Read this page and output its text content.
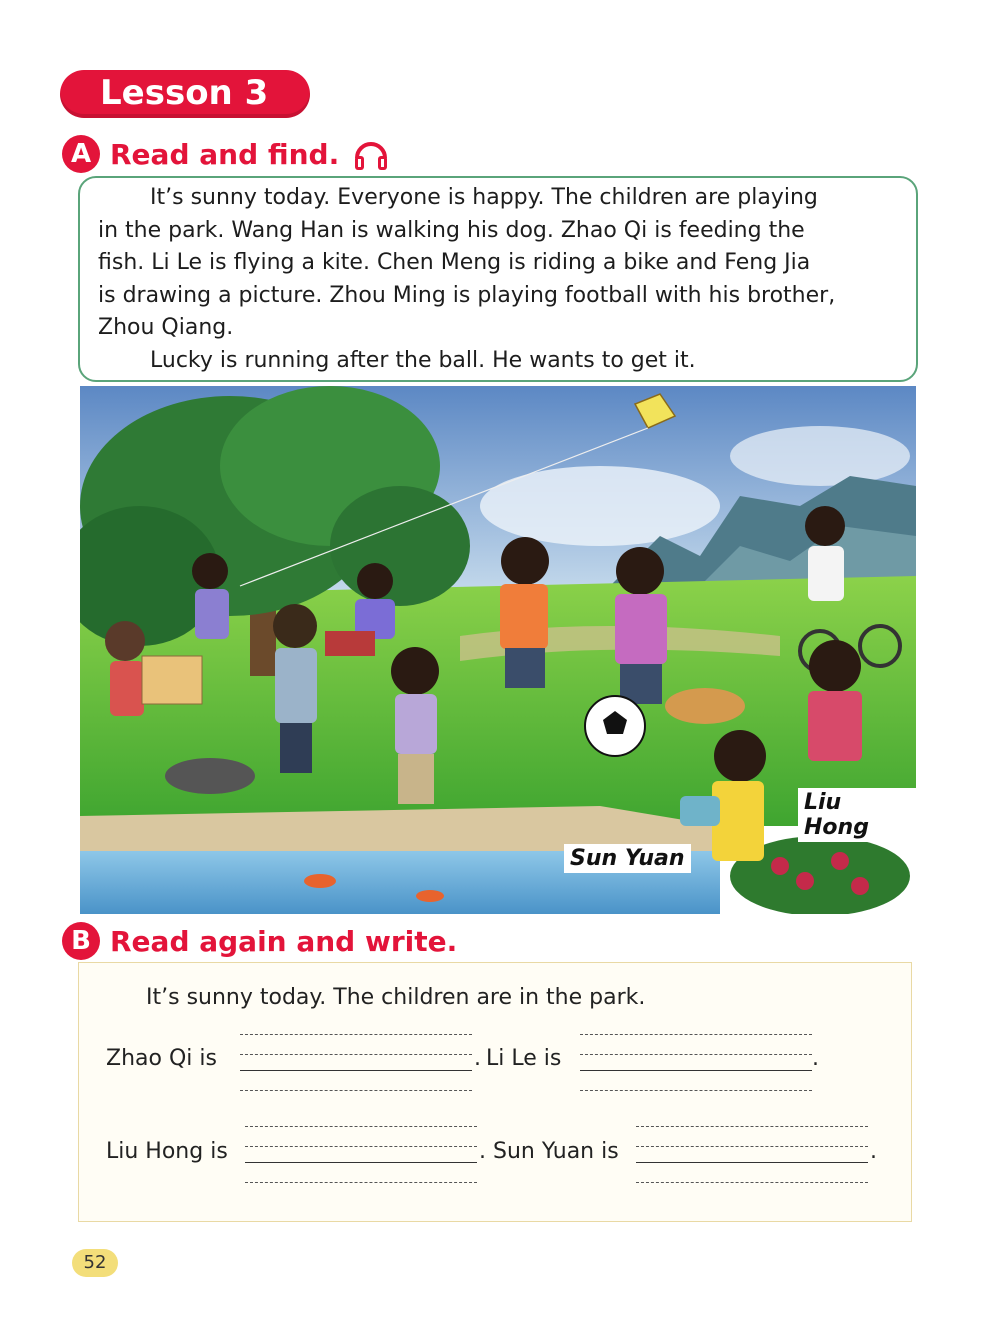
Lesson 3
A Read and find.

It’s sunny today. Everyone is happy. The children are playing

in the park. Wang Han is walking his dog. Zhao Qi is feeding the

fish. Li Le is flying a kite. Chen Meng is riding a bike and Feng Jia

is drawing a picture. Zhou Ming is playing football with his brother,

Zhou Qiang.

Lucky is running after the ball. He wants to get it.

Liu Hong
Sun Yuan
B Read again and write.
It’s sunny today. The children are in the park.
Zhao Qi is	. Li Le is	.
Liu Hong is	. Sun Yuan is	.
52
